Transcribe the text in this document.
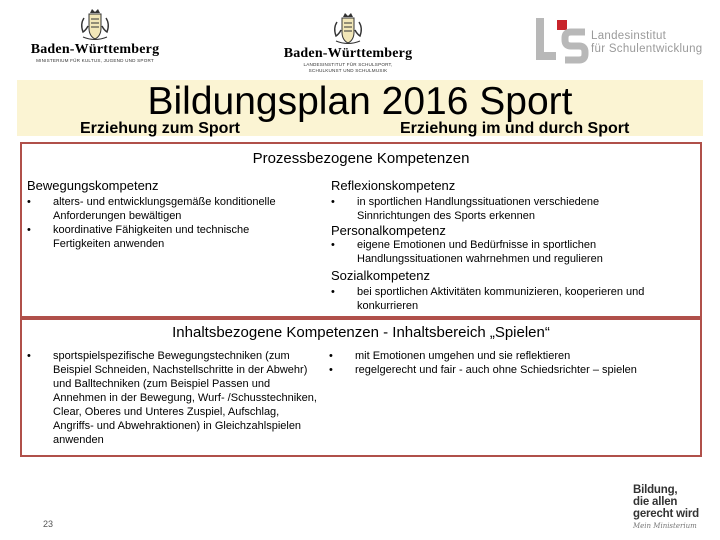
Baden-Württemberg
MINISTERIUM FÜR KULTUS, JUGEND UND SPORT	Baden-Württemberg
LANDESINSTITUT FÜR SCHULSPORT,
SCHULKUNST UND SCHULMUSIK
Landesinstitut
für Schulentwicklung
Bildungsplan 2016 Sport
Erziehung zum Sport	Erziehung im und durch Sport
Prozessbezogene Kompetenzen
Bewegungskompetenz
• alters- und entwicklungsgemäße konditionelle Anforderungen bewältigen
• koordinative Fähigkeiten und technische Fertigkeiten anwenden
Reflexionskompetenz
• in sportlichen Handlungssituationen verschiedene Sinnrichtungen des Sports erkennen
Personalkompetenz
• eigene Emotionen und Bedürfnisse in sportlichen Handlungssituationen wahrnehmen und regulieren
Sozialkompetenz
• bei sportlichen Aktivitäten kommunizieren, kooperieren und konkurrieren
Inhaltsbezogene Kompetenzen - Inhaltsbereich „Spielen“
• sportspielspezifische Bewegungstechniken (zum Beispiel Schneiden, Nachstellschritte in der Abwehr) und Balltechniken (zum Beispiel Passen und Annehmen in der Bewegung, Wurf- /Schusstechniken, Clear, Oberes und Unteres Zuspiel, Aufschlag, Angriffs- und Abwehraktionen) in Gleichzahlspielen anwenden
• mit Emotionen umgehen und sie reflektieren
• regelgerecht und fair - auch ohne Schiedsrichter – spielen
23
Bildung,
die allen
gerecht wird
Mein Ministerium
